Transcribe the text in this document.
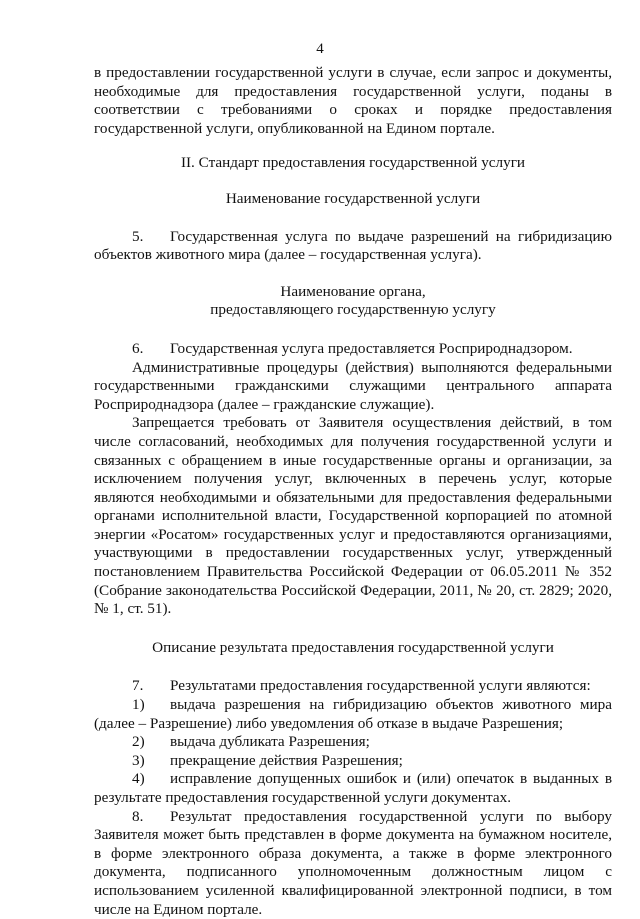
4

в предоставлении государственной услуги в случае, если запрос и документы, необходимые для предоставления государственной услуги, поданы в соответствии с требованиями о сроках и порядке предоставления государственной услуги, опубликованной на Едином портале.

II. Стандарт предоставления государственной услуги

Наименование государственной услуги

5. Государственная услуга по выдаче разрешений на гибридизацию объектов животного мира (далее – государственная услуга).

Наименование органа,

предоставляющего государственную услугу

6. Государственная услуга предоставляется Росприроднадзором.

Административные процедуры (действия) выполняются федеральными государственными гражданскими служащими центрального аппарата Росприроднадзора (далее – гражданские служащие).

Запрещается требовать от Заявителя осуществления действий, в том числе согласований, необходимых для получения государственной услуги и связанных с обращением в иные государственные органы и организации, за исключением получения услуг, включенных в перечень услуг, которые являются необходимыми и обязательными для предоставления федеральными органами исполнительной власти, Государственной корпорацией по атомной энергии «Росатом» государственных услуг и предоставляются организациями, участвующими в предоставлении государственных услуг, утвержденный постановлением Правительства Российской Федерации от 06.05.2011 № 352 (Собрание законодательства Российской Федерации, 2011, № 20, ст. 2829; 2020, № 1, ст. 51).

Описание результата предоставления государственной услуги

7. Результатами предоставления государственной услуги являются:

1) выдача разрешения на гибридизацию объектов животного мира (далее – Разрешение) либо уведомления об отказе в выдаче Разрешения;

2) выдача дубликата Разрешения;

3) прекращение действия Разрешения;

4) исправление допущенных ошибок и (или) опечаток в выданных в результате предоставления государственной услуги документах.

8. Результат предоставления государственной услуги по выбору Заявителя может быть представлен в форме документа на бумажном носителе, в форме электронного образа документа, а также в форме электронного документа, подписанного уполномоченным должностным лицом с использованием усиленной квалифицированной электронной подписи, в том числе на Едином портале.
